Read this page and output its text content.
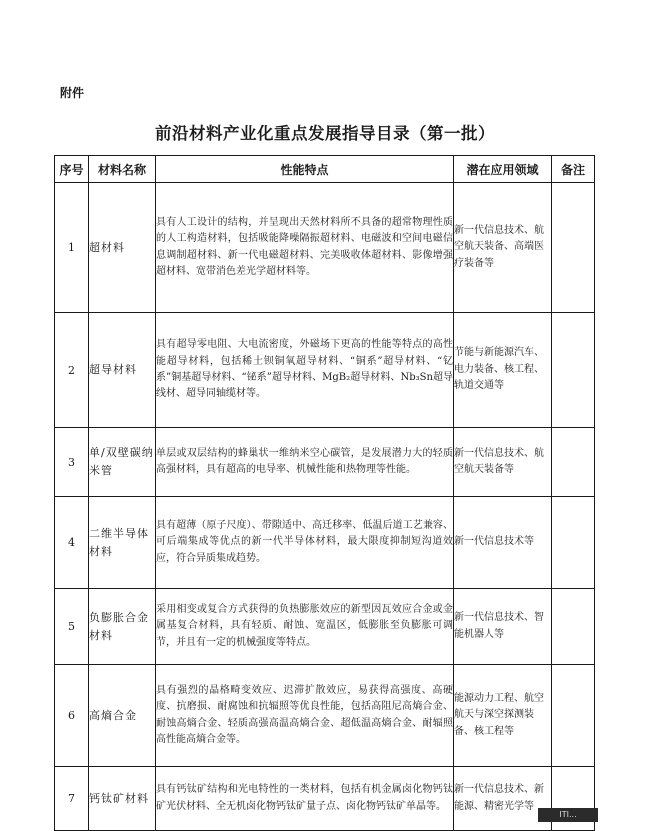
附件
前沿材料产业化重点发展指导目录（第一批）
序号	材料名称	性能特点	潜在应用领域	备注
1	超材料	具有人工设计的结构，并呈现出天然材料所不具备的超常物理性质的人工构造材料，包括吸能降噪隔振超材料、电磁波和空间电磁信息调制超材料、新一代电磁超材料、完美吸收体超材料、影像增强超材料、宽带消色差光学超材料等。	新一代信息技术、航空航天装备、高端医疗装备等	
2	超导材料	具有超导零电阻、大电流密度，外磁场下更高的性能等特点的高性能超导材料，包括稀土钡铜氧超导材料、“铜系”超导材料、“钇系”铜基超导材料、“铋系”超导材料、MgB₂超导材料、Nb₃Sn超导线材、超导同轴缆材等。	节能与新能源汽车、电力装备、核工程、轨道交通等	
3	单/双壁碳纳米管	单层或双层结构的蜂巢状一维纳米空心碳管，是发展潜力大的轻质高强材料，具有超高的电导率、机械性能和热物理等性能。	新一代信息技术、航空航天装备等	
4	二维半导体材料	具有超薄（原子尺度）、带隙适中、高迁移率、低温后道工艺兼容、可后端集成等优点的新一代半导体材料，最大限度抑制短沟道效应，符合异质集成趋势。	新一代信息技术等	
5	负膨胀合金材料	采用相变或复合方式获得的负热膨胀效应的新型因瓦效应合金或金属基复合材料，具有轻质、耐蚀、宽温区，低膨胀至负膨胀可调节，并且有一定的机械强度等特点。	新一代信息技术、智能机器人等	
6	高熵合金	具有强烈的晶格畸变效应、迟滞扩散效应，易获得高强度、高硬度、抗磨损、耐腐蚀和抗辐照等优良性能，包括高阻尼高熵合金、耐蚀高熵合金、轻质高强高温高熵合金、超低温高熵合金、耐辐照高性能高熵合金等。	能源动力工程、航空航天与深空探测装备、核工程等	
7	钙钛矿材料	具有钙钛矿结构和光电特性的一类材料，包括有机金属卤化物钙钛矿光伏材料、全无机卤化物钙钛矿量子点、卤化物钙钛矿单晶等。	新一代信息技术、新能源、精密光学等	
ITI...
